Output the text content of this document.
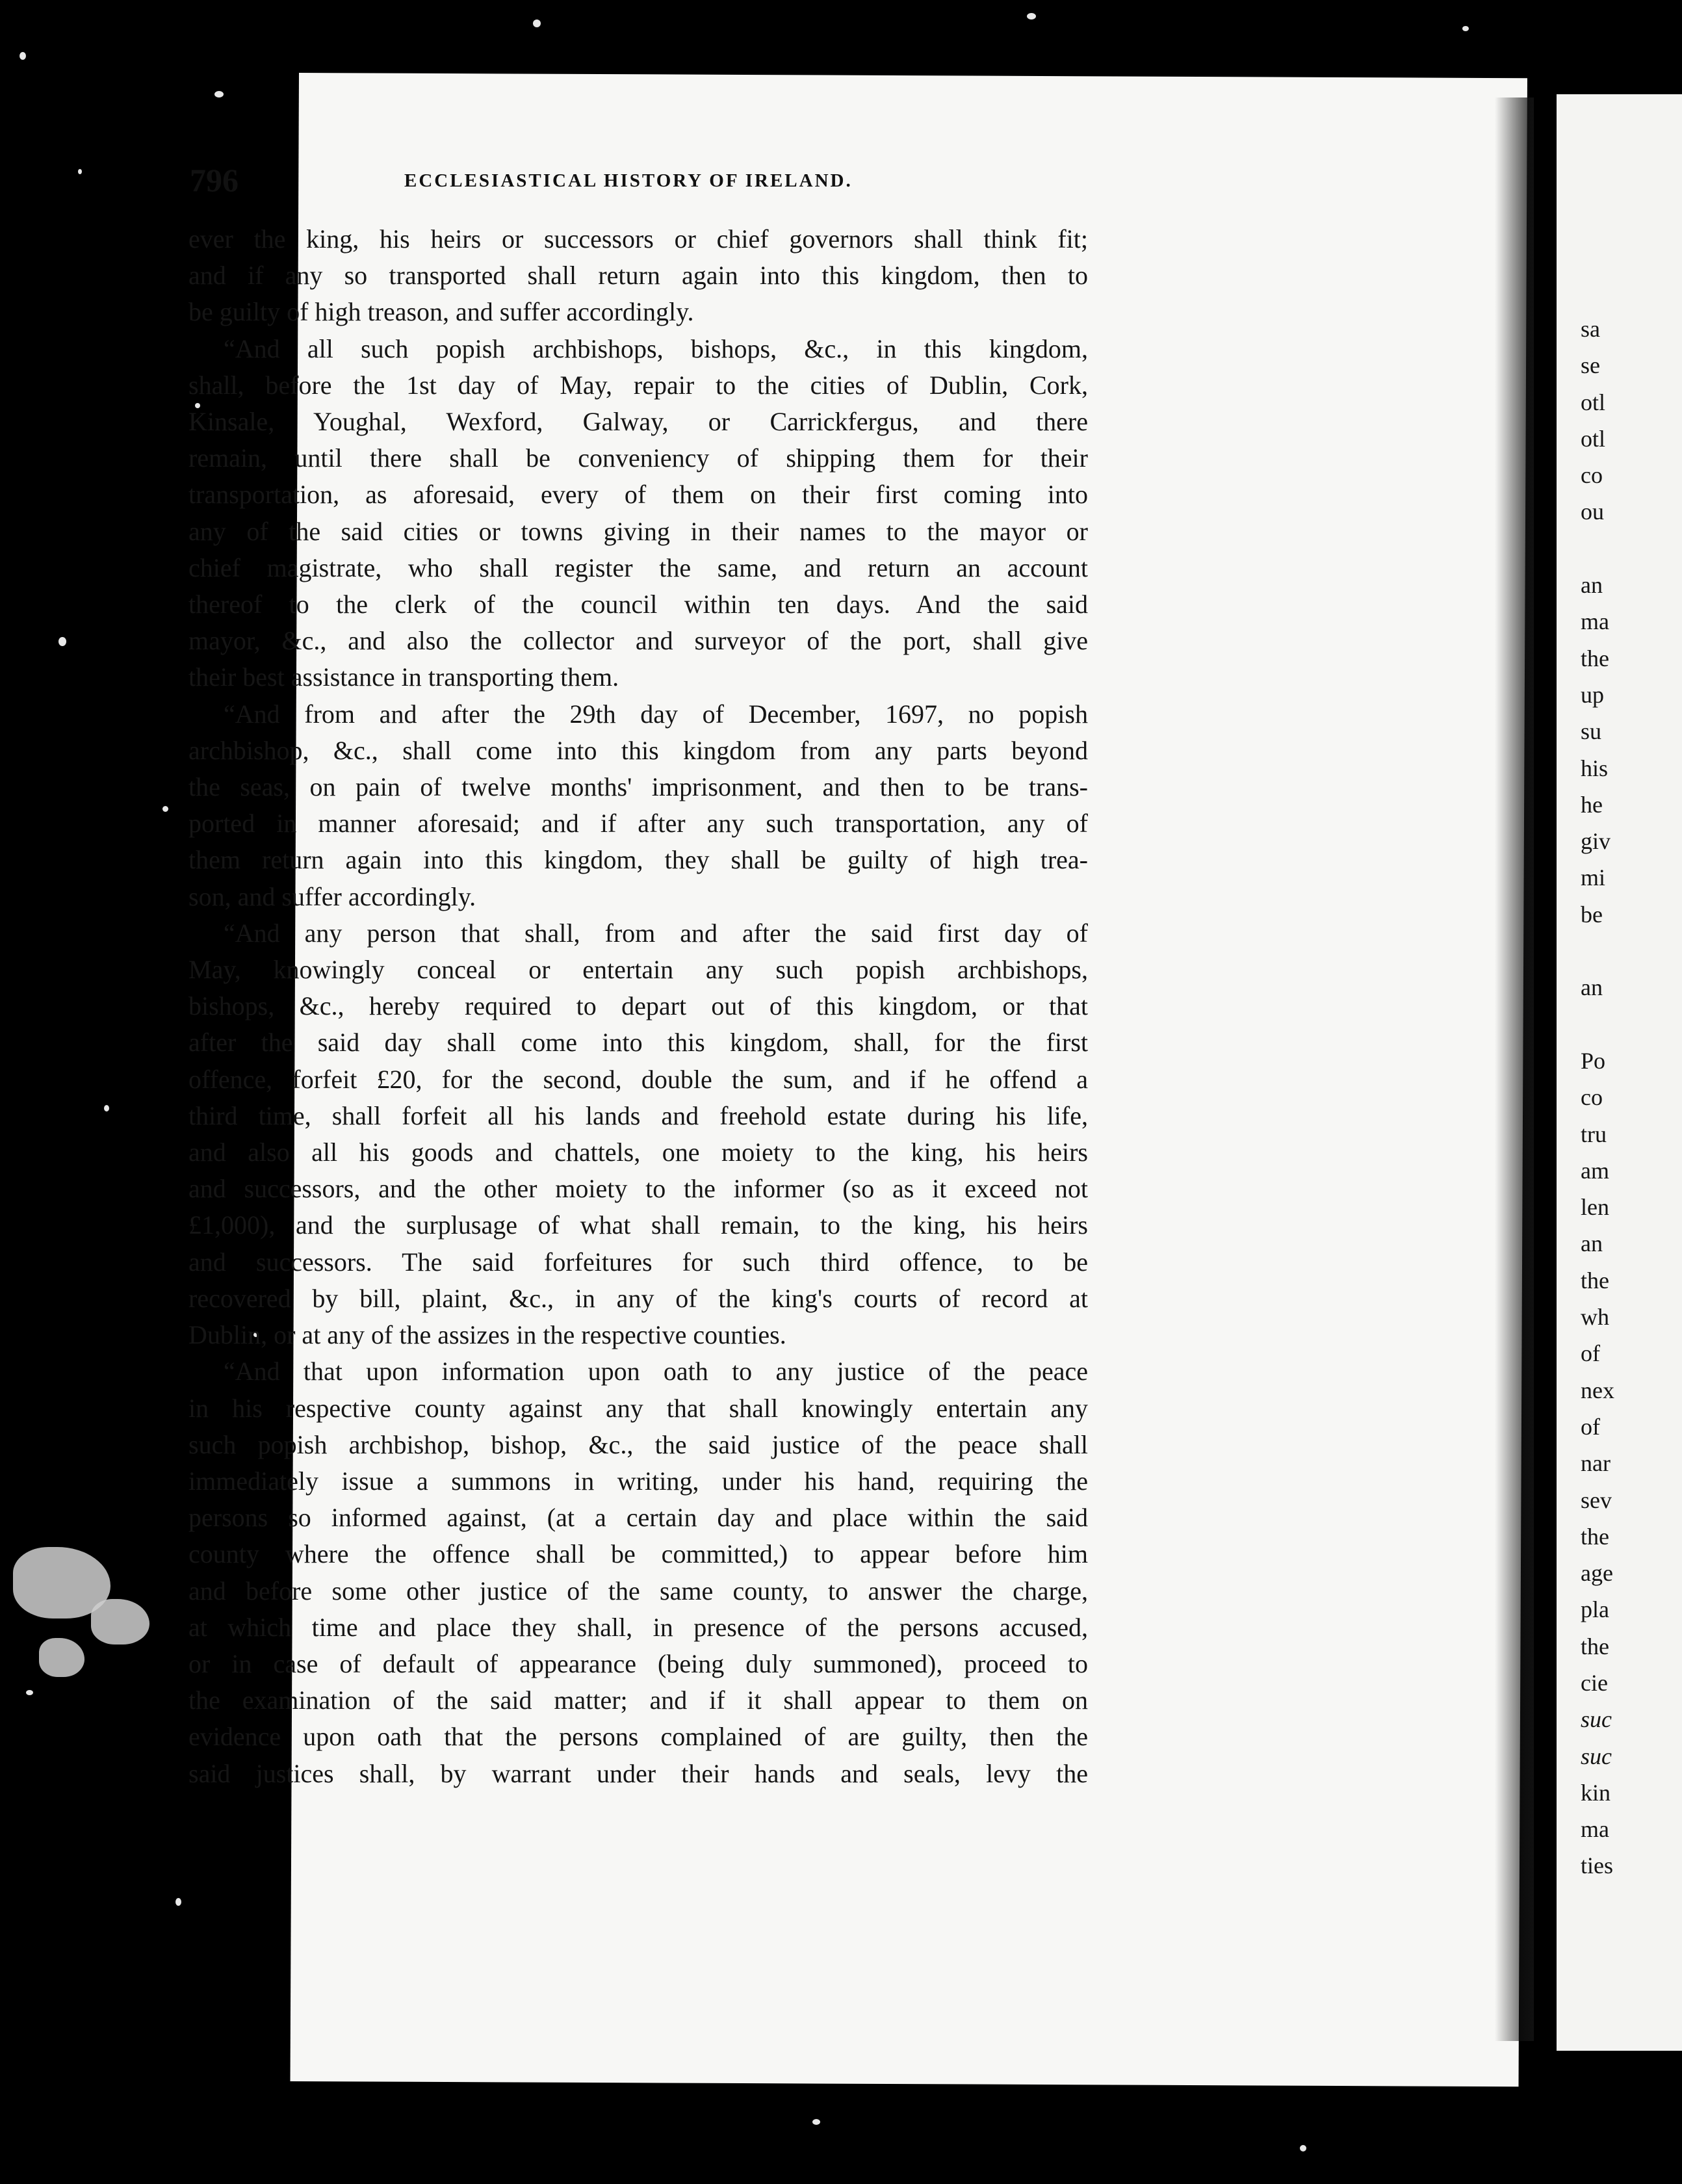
796	ECCLESIASTICAL HISTORY OF IRELAND.

ever the king, his heirs or successors or chief governors shall think fit;
and if any so transported shall return again into this kingdom, then to
be guilty of high treason, and suffer accordingly.

“And all such popish archbishops, bishops, &c., in this kingdom,
shall, before the 1st day of May, repair to the cities of Dublin, Cork,
Kinsale, Youghal, Wexford, Galway, or Carrickfergus, and there
remain, until there shall be conveniency of shipping them for their
transportation, as aforesaid, every of them on their first coming into
any of the said cities or towns giving in their names to the mayor or
chief magistrate, who shall register the same, and return an account
thereof to the clerk of the council within ten days. And the said
mayor, &c., and also the collector and surveyor of the port, shall give
their best assistance in transporting them.

“And from and after the 29th day of December, 1697, no popish
archbishop, &c., shall come into this kingdom from any parts beyond
the seas, on pain of twelve months' imprisonment, and then to be trans-
ported in manner aforesaid; and if after any such transportation, any of
them return again into this kingdom, they shall be guilty of high trea-
son, and suffer accordingly.

“And any person that shall, from and after the said first day of
May, knowingly conceal or entertain any such popish archbishops,
bishops, &c., hereby required to depart out of this kingdom, or that
after the said day shall come into this kingdom, shall, for the first
offence, forfeit £20, for the second, double the sum, and if he offend a
third time, shall forfeit all his lands and freehold estate during his life,
and also all his goods and chattels, one moiety to the king, his heirs
and successors, and the other moiety to the informer (so as it exceed not
£1,000), and the surplusage of what shall remain, to the king, his heirs
and successors. The said forfeitures for such third offence, to be
recovered by bill, plaint, &c., in any of the king's courts of record at
Dublin, or at any of the assizes in the respective counties.

“And that upon information upon oath to any justice of the peace
in his respective county against any that shall knowingly entertain any
such popish archbishop, bishop, &c., the said justice of the peace shall
immediately issue a summons in writing, under his hand, requiring the
persons so informed against, (at a certain day and place within the said
county where the offence shall be committed,) to appear before him
and before some other justice of the same county, to answer the charge,
at which time and place they shall, in presence of the persons accused,
or in case of default of appearance (being duly summoned), proceed to
the examination of the said matter; and if it shall appear to them on
evidence upon oath that the persons complained of are guilty, then the
said justices shall, by warrant under their hands and seals, levy the

sa
se
otl
otl
co
ou

an
ma
the
up
su
his
he
giv
mi
be

an

Po
co
tru
am
len
an
the
wh
of
nex
of
nar
sev
the
age
pla
the
cie
suc
suc
kin
ma
ties
